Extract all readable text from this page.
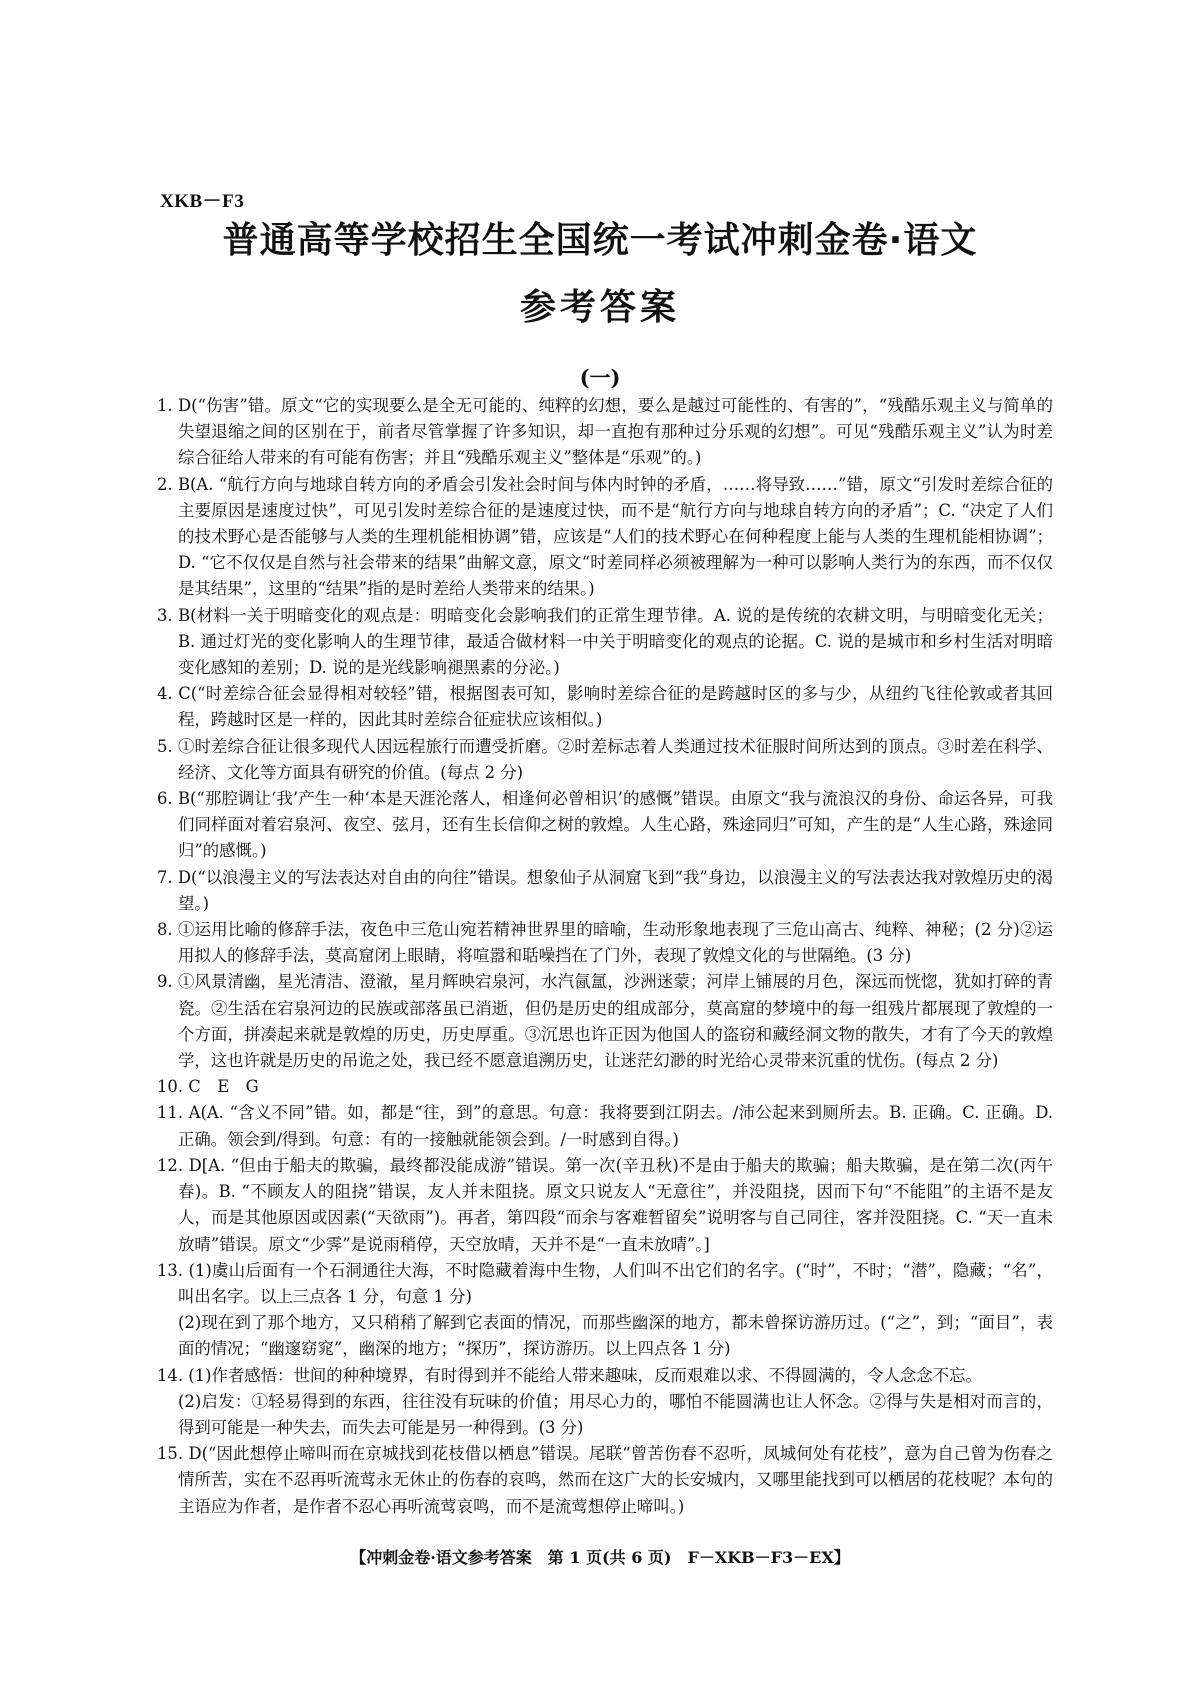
XKB－F3
普通高等学校招生全国统一考试冲刺金卷·语文
参考答案
(一)

1. D(“伤害”错。原文“它的实现要么是全无可能的、纯粹的幻想，要么是越过可能性的、有害的”，“残酷乐观主义与简单的失望退缩之间的区别在于，前者尽管掌握了许多知识，却一直抱有那种过分乐观的幻想”。可见“残酷乐观主义”认为时差综合征给人带来的有可能有伤害；并且“残酷乐观主义”整体是“乐观”的。)

2. B(A. “航行方向与地球自转方向的矛盾会引发社会时间与体内时钟的矛盾，……将导致……”错，原文“引发时差综合征的主要原因是速度过快”，可见引发时差综合征的是速度过快，而不是“航行方向与地球自转方向的矛盾”；C. “决定了人们的技术野心是否能够与人类的生理机能相协调”错，应该是“人们的技术野心在何种程度上能与人类的生理机能相协调”；D. “它不仅仅是自然与社会带来的结果”曲解文意，原文“时差同样必须被理解为一种可以影响人类行为的东西，而不仅仅是其结果”，这里的“结果”指的是时差给人类带来的结果。)

3. B(材料一关于明暗变化的观点是：明暗变化会影响我们的正常生理节律。A. 说的是传统的农耕文明，与明暗变化无关；B. 通过灯光的变化影响人的生理节律，最适合做材料一中关于明暗变化的观点的论据。C. 说的是城市和乡村生活对明暗变化感知的差别；D. 说的是光线影响褪黑素的分泌。)

4. C(“时差综合征会显得相对较轻”错，根据图表可知，影响时差综合征的是跨越时区的多与少，从纽约飞往伦敦或者其回程，跨越时区是一样的，因此其时差综合征症状应该相似。)

5. ①时差综合征让很多现代人因远程旅行而遭受折磨。②时差标志着人类通过技术征服时间所达到的顶点。③时差在科学、经济、文化等方面具有研究的价值。(每点 2 分)

6. B(“那腔调让‘我’产生一种‘本是天涯沦落人，相逢何必曾相识’的感慨”错误。由原文“我与流浪汉的身份、命运各异，可我们同样面对着宕泉河、夜空、弦月，还有生长信仰之树的敦煌。人生心路，殊途同归”可知，产生的是“人生心路，殊途同归”的感慨。)

7. D(“以浪漫主义的写法表达对自由的向往”错误。想象仙子从洞窟飞到“我”身边，以浪漫主义的写法表达我对敦煌历史的渴望。)

8. ①运用比喻的修辞手法，夜色中三危山宛若精神世界里的暗喻，生动形象地表现了三危山高古、纯粹、神秘；(2 分)②运用拟人的修辞手法，莫高窟闭上眼睛，将喧嚣和聒噪挡在了门外，表现了敦煌文化的与世隔绝。(3 分)

9. ①风景清幽，星光清洁、澄澈，星月辉映宕泉河，水汽氤氲，沙洲迷蒙；河岸上铺展的月色，深远而恍惚，犹如打碎的青瓷。②生活在宕泉河边的民族或部落虽已消逝，但仍是历史的组成部分，莫高窟的梦境中的每一组残片都展现了敦煌的一个方面，拼凑起来就是敦煌的历史，历史厚重。③沉思也许正因为他国人的盗窃和藏经洞文物的散失，才有了今天的敦煌学，这也许就是历史的吊诡之处，我已经不愿意追溯历史，让迷茫幻渺的时光给心灵带来沉重的忧伤。(每点 2 分)

10. C　E　G

11. A(A. “含义不同”错。如，都是“往，到”的意思。句意：我将要到江阴去。/沛公起来到厕所去。B. 正确。C. 正确。D. 正确。领会到/得到。句意：有的一接触就能领会到。/一时感到自得。)

12. D[A. “但由于船夫的欺骗，最终都没能成游”错误。第一次(辛丑秋)不是由于船夫的欺骗；船夫欺骗，是在第二次(丙午春)。B. “不顾友人的阻挠”错误，友人并未阻挠。原文只说友人“无意往”，并没阻挠，因而下句“不能阻”的主语不是友人，而是其他原因或因素(“天欲雨”)。再者，第四段“而余与客难暂留矣”说明客与自己同往，客并没阻挠。C. “天一直未放晴”错误。原文“少霁”是说雨稍停，天空放晴，天并不是“一直未放晴”。]

13. (1)虞山后面有一个石洞通往大海，不时隐藏着海中生物，人们叫不出它们的名字。(“时”，不时；“潜”，隐藏；“名”，叫出名字。以上三点各 1 分，句意 1 分)
(2)现在到了那个地方，又只稍稍了解到它表面的情况，而那些幽深的地方，都未曾探访游历过。(“之”，到；“面目”，表面的情况；“幽邃窈窕”，幽深的地方；“探历”，探访游历。以上四点各 1 分)
14. (1)作者感悟：世间的种种境界，有时得到并不能给人带来趣味，反而艰难以求、不得圆满的，令人念念不忘。
(2)启发：①轻易得到的东西，往往没有玩味的价值；用尽心力的，哪怕不能圆满也让人怀念。②得与失是相对而言的，得到可能是一种失去，而失去可能是另一种得到。(3 分)

15. D(“因此想停止啼叫而在京城找到花枝借以栖息”错误。尾联“曾苦伤春不忍听，凤城何处有花枝”，意为自己曾为伤春之情所苦，实在不忍再听流莺永无休止的伤春的哀鸣，然而在这广大的长安城内，又哪里能找到可以栖居的花枝呢？本句的主语应为作者，是作者不忍心再听流莺哀鸣，而不是流莺想停止啼叫。)

【冲刺金卷·语文参考答案　第 1 页(共 6 页)　F－XKB－F3－EX】
